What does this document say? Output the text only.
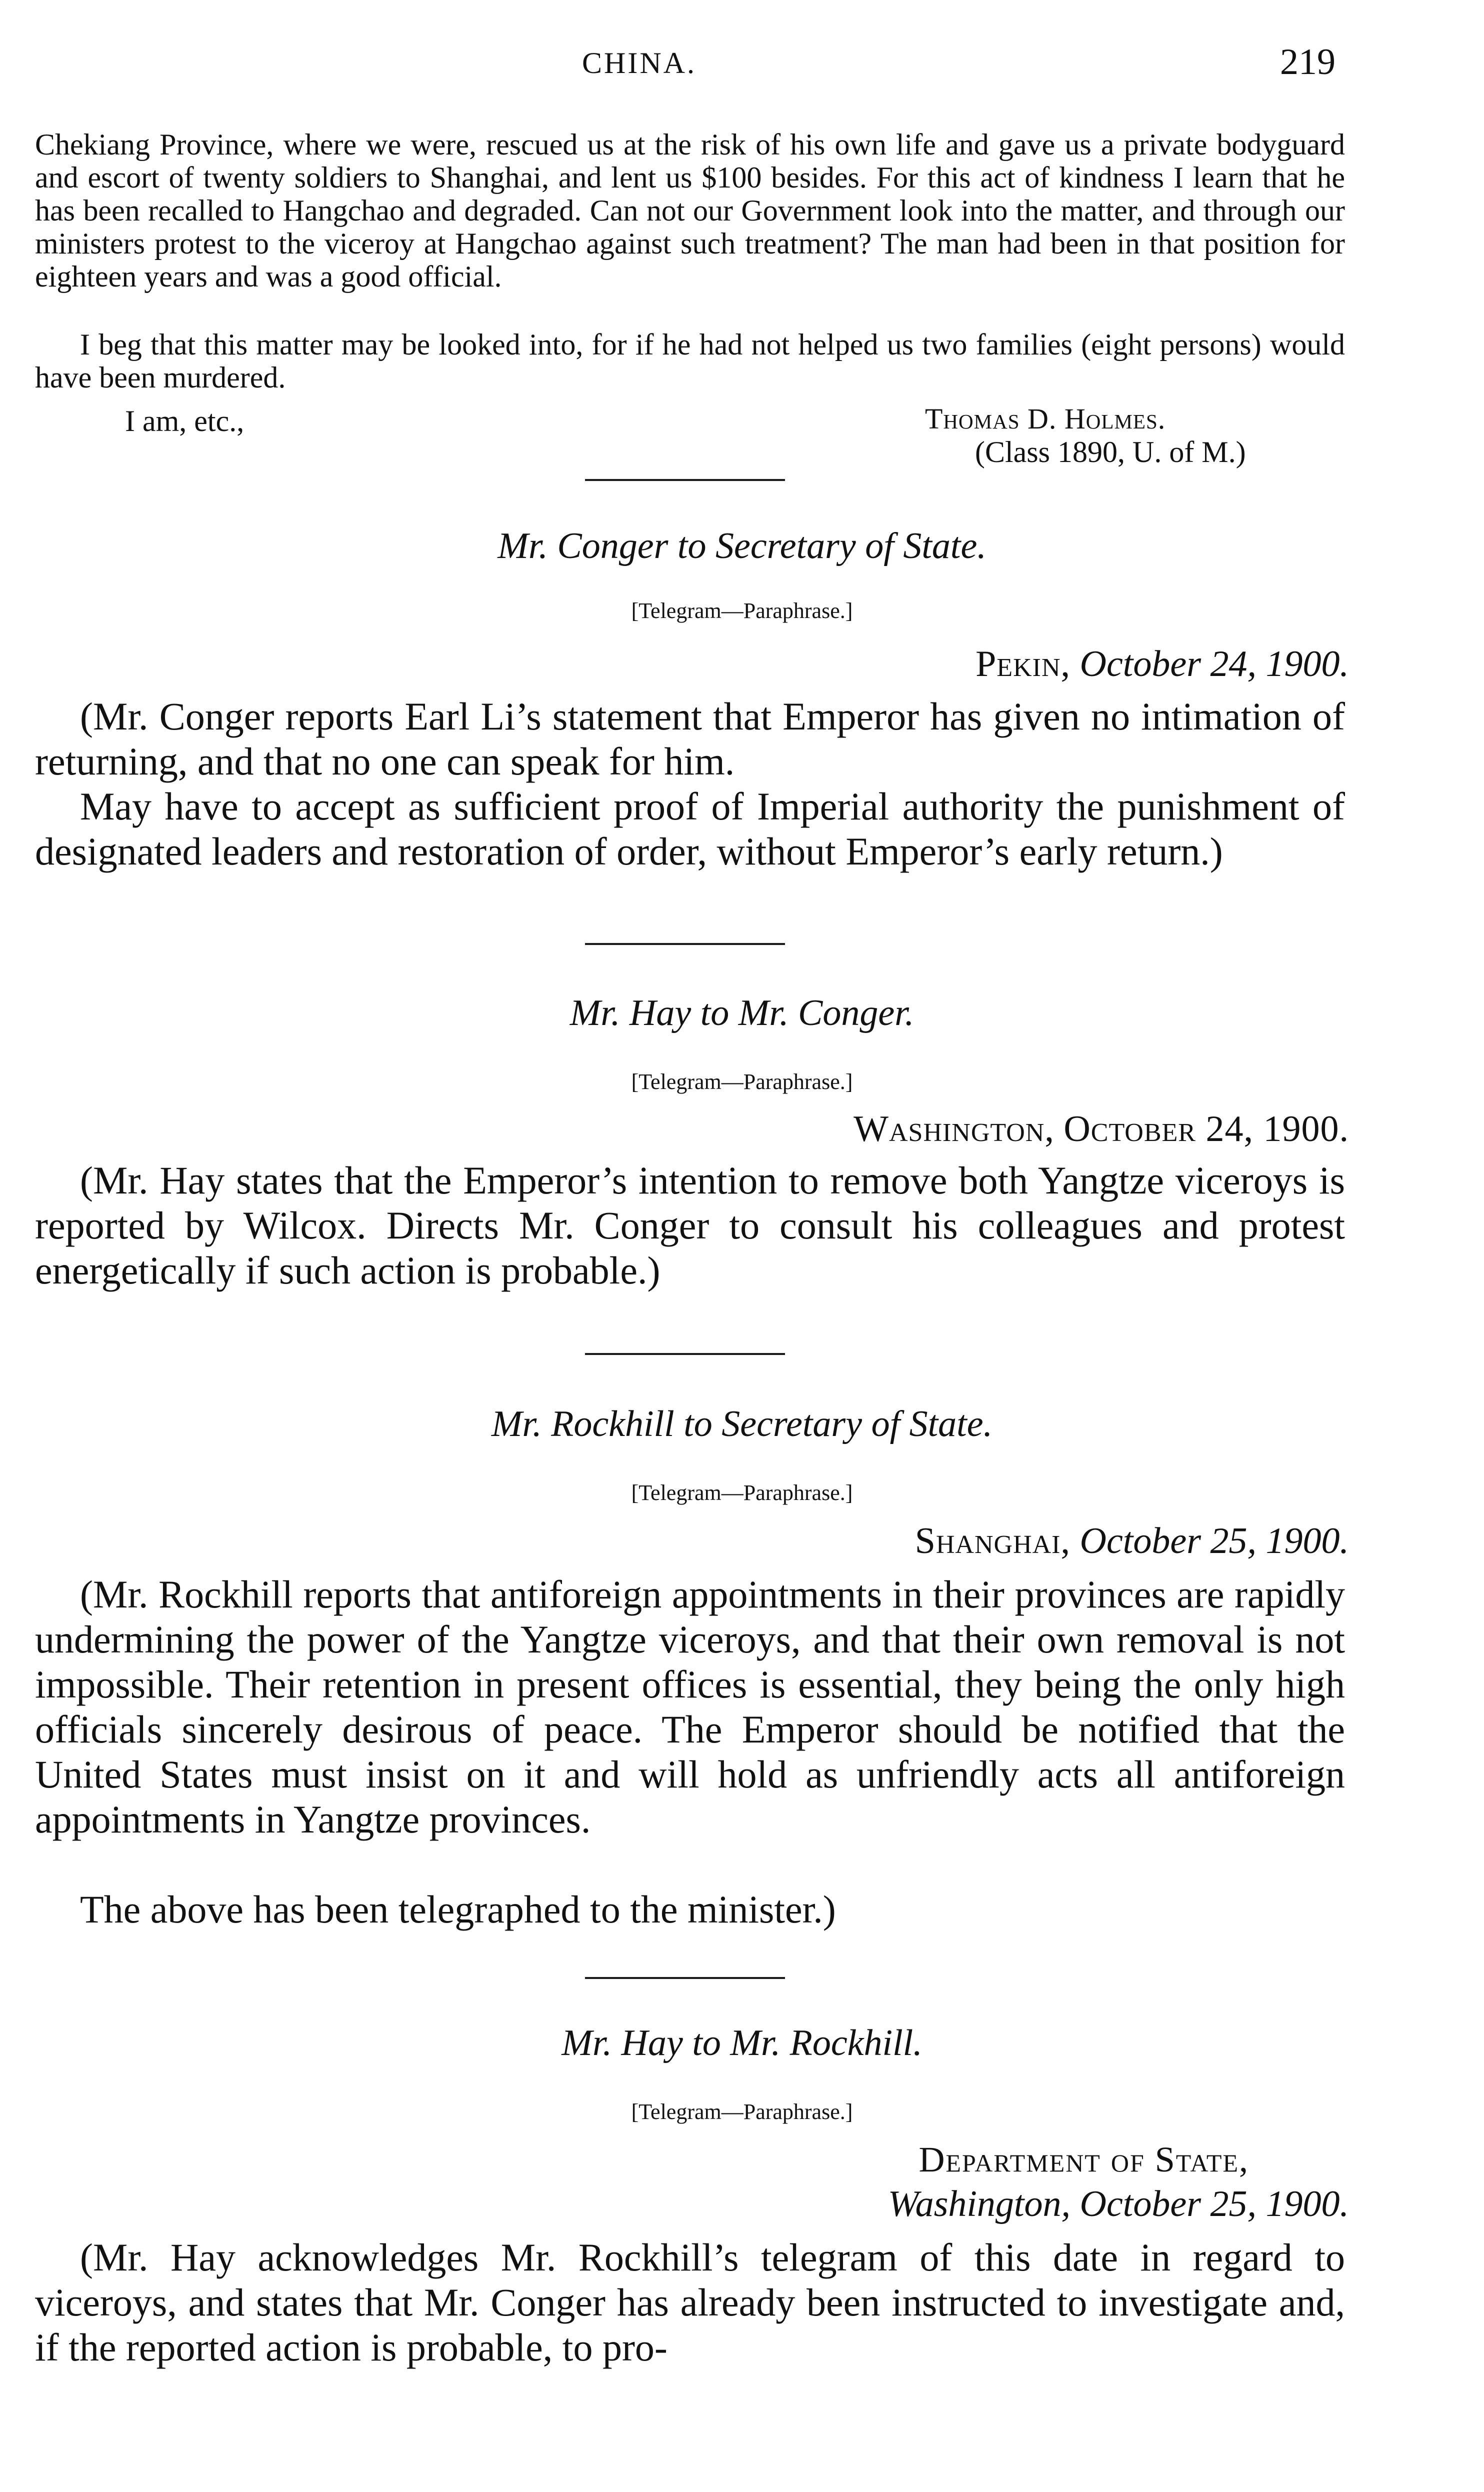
CHINA.	219
Chekiang Province, where we were, rescued us at the risk of his own life and gave us a private bodyguard and escort of twenty soldiers to Shanghai, and lent us $100 besides. For this act of kindness I learn that he has been recalled to Hangchao and degraded. Can not our Government look into the matter, and through our ministers protest to the viceroy at Hangchao against such treatment? The man had been in that position for eighteen years and was a good official.
I beg that this matter may be looked into, for if he had not helped us two families (eight persons) would have been murdered.
I am, etc.,	Thomas D. Holmes.
(Class 1890, U. of M.)
Mr. Conger to Secretary of State.
[Telegram—Paraphrase.]
Pekin, October 24, 1900.
(Mr. Conger reports Earl Li’s statement that Emperor has given no intimation of returning, and that no one can speak for him.
May have to accept as sufficient proof of Imperial authority the punishment of designated leaders and restoration of order, without Emperor’s early return.)
Mr. Hay to Mr. Conger.
[Telegram—Paraphrase.]
Washington, October 24, 1900.
(Mr. Hay states that the Emperor’s intention to remove both Yangtze viceroys is reported by Wilcox. Directs Mr. Conger to consult his colleagues and protest energetically if such action is probable.)
Mr. Rockhill to Secretary of State.
[Telegram—Paraphrase.]
Shanghai, October 25, 1900.
(Mr. Rockhill reports that antiforeign appointments in their provinces are rapidly undermining the power of the Yangtze viceroys, and that their own removal is not impossible. Their retention in present offices is essential, they being the only high officials sincerely desirous of peace. The Emperor should be notified that the United States must insist on it and will hold as unfriendly acts all antiforeign appointments in Yangtze provinces.
The above has been telegraphed to the minister.)
Mr. Hay to Mr. Rockhill.
[Telegram—Paraphrase.]
Department of State,
Washington, October 25, 1900.
(Mr. Hay acknowledges Mr. Rockhill’s telegram of this date in regard to viceroys, and states that Mr. Conger has already been instructed to investigate and, if the reported action is probable, to pro-
